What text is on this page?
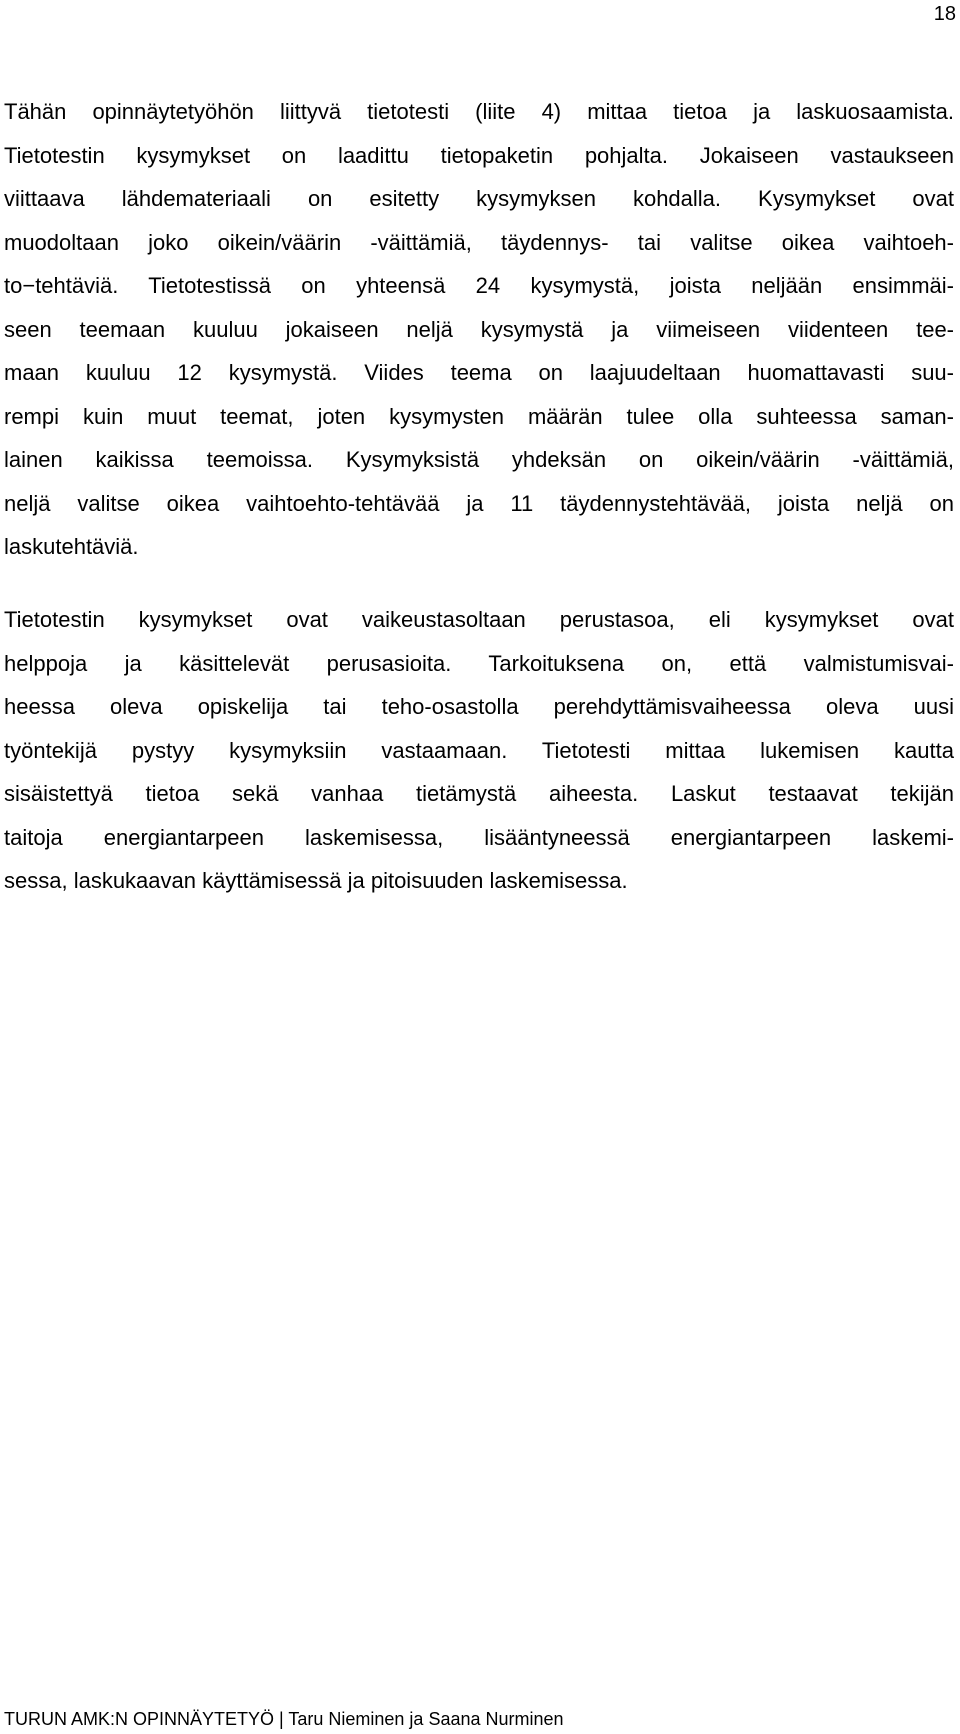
18
Tähän opinnäytetyöhön liittyvä tietotesti (liite 4) mittaa tietoa ja laskuosaamista.
Tietotestin kysymykset on laadittu tietopaketin pohjalta. Jokaiseen vastaukseen
viittaava lähdemateriaali on esitetty kysymyksen kohdalla. Kysymykset ovat
muodoltaan joko oikein/väärin -väittämiä, täydennys- tai valitse oikea vaihtoeh-
to−tehtäviä. Tietotestissä on yhteensä 24 kysymystä, joista neljään ensimmäi-
seen teemaan kuuluu jokaiseen neljä kysymystä ja viimeiseen viidenteen tee-
maan kuuluu 12 kysymystä. Viides teema on laajuudeltaan huomattavasti suu-
rempi kuin muut teemat, joten kysymysten määrän tulee olla suhteessa saman-
lainen kaikissa teemoissa. Kysymyksistä yhdeksän on oikein/väärin -väittämiä,
neljä valitse oikea vaihtoehto-tehtävää ja 11 täydennystehtävää, joista neljä on
laskutehtäviä.
Tietotestin kysymykset ovat vaikeustasoltaan perustasoa, eli kysymykset ovat
helppoja ja käsittelevät perusasioita. Tarkoituksena on, että valmistumisvai-
heessa oleva opiskelija tai teho-osastolla perehdyttämisvaiheessa oleva uusi
työntekijä pystyy kysymyksiin vastaamaan. Tietotesti mittaa lukemisen kautta
sisäistettyä tietoa sekä vanhaa tietämystä aiheesta. Laskut testaavat tekijän
taitoja energiantarpeen laskemisessa, lisääntyneessä energiantarpeen laskemi-
sessa, laskukaavan käyttämisessä ja pitoisuuden laskemisessa.
TURUN AMK:N OPINNÄYTETYÖ | Taru Nieminen ja Saana Nurminen
